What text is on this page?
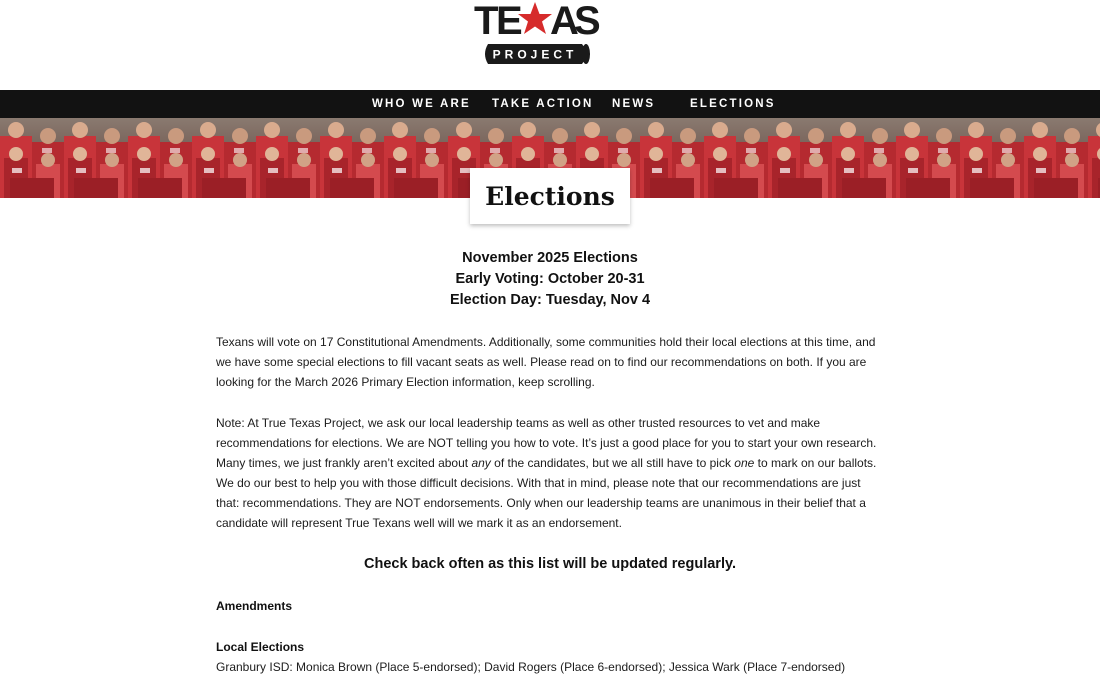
T
E A
S
PROJECT
WHO WE ARE TAKE ACTION NEWS	ELECTIONS
Elections
November 2025 Elections
Early Voting: October 20-31
Election Day: Tuesday, Nov 4

Texans will vote on 17 Constitutional Amendments. Additionally, some communities hold their local elections at this time, and we have some special elections to fill vacant seats as well. Please read on to find our recommendations on both. If you are looking for the March 2026 Primary Election information, keep scrolling.

Note: At True Texas Project, we ask our local leadership teams as well as other trusted resources to vet and make recommendations for elections. We are NOT telling you how to vote. It’s just a good place for you to start your own research. Many times, we just frankly aren’t excited about any of the candidates, but we all still have to pick one to mark on our ballots. We do our best to help you with those difficult decisions. With that in mind, please note that our recommendations are just that: recommendations. They are NOT endorsements. Only when our leadership teams are unanimous in their belief that a candidate will represent True Texans well will we mark it as an endorsement.

Check back often as this list will be updated regularly.
Amendments
Local Elections
Granbury ISD: Monica Brown (Place 5-endorsed); David Rogers (Place 6-endorsed); Jessica Wark (Place 7-endorsed)
